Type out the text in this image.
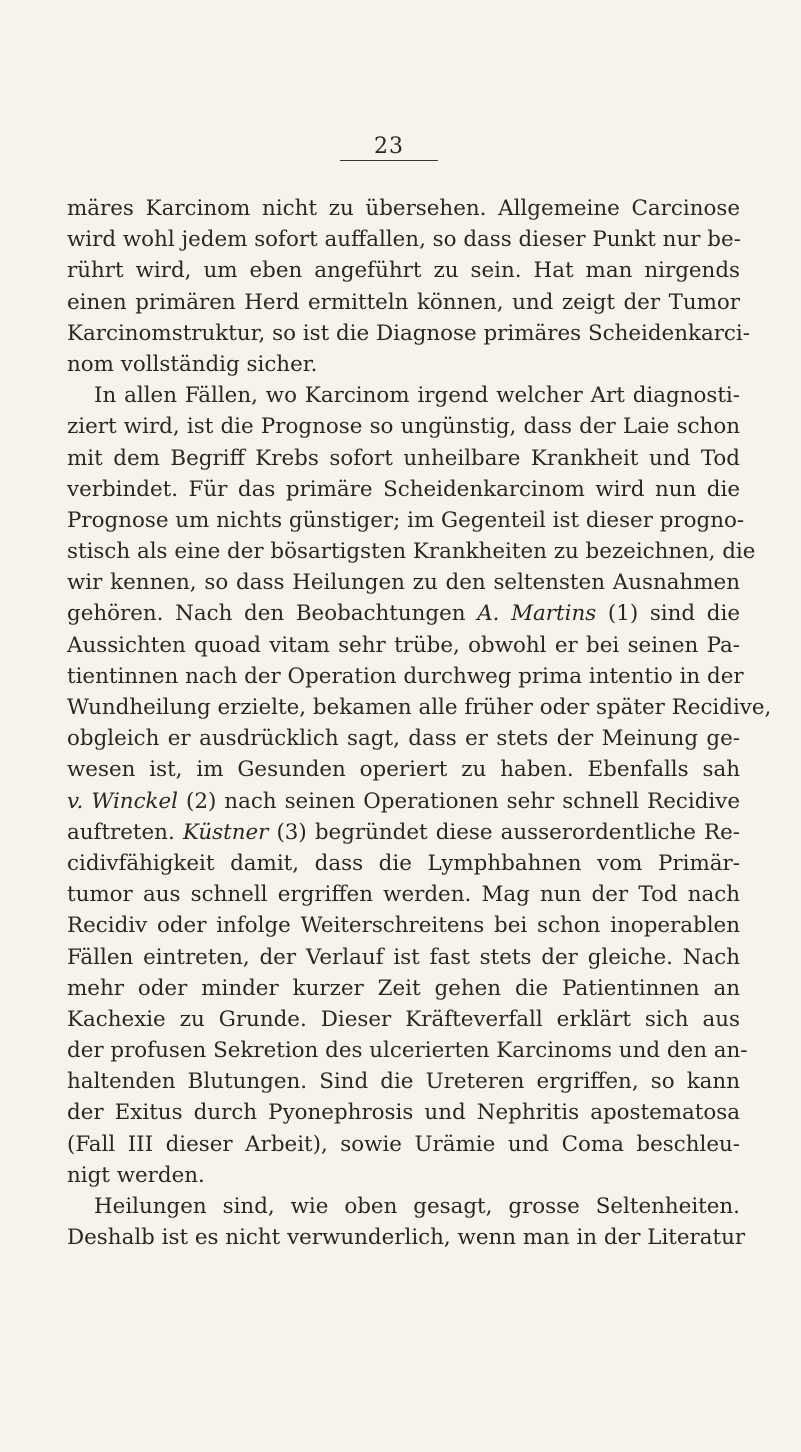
23
märes Karcinom nicht zu übersehen. Allgemeine Carcinose
wird wohl jedem sofort auffallen, so dass dieser Punkt nur be-
rührt wird, um eben angeführt zu sein. Hat man nirgends
einen primären Herd ermitteln können, und zeigt der Tumor
Karcinomstruktur, so ist die Diagnose primäres Scheidenkarci-
nom vollständig sicher.
In allen Fällen, wo Karcinom irgend welcher Art diagnosti-
ziert wird, ist die Prognose so ungünstig, dass der Laie schon
mit dem Begriff Krebs sofort unheilbare Krankheit und Tod
verbindet. Für das primäre Scheidenkarcinom wird nun die
Prognose um nichts günstiger; im Gegenteil ist dieser progno-
stisch als eine der bösartigsten Krankheiten zu bezeichnen, die
wir kennen, so dass Heilungen zu den seltensten Ausnahmen
gehören. Nach den Beobachtungen A. Martins (1) sind die
Aussichten quoad vitam sehr trübe, obwohl er bei seinen Pa-
tientinnen nach der Operation durchweg prima intentio in der
Wundheilung erzielte, bekamen alle früher oder später Recidive,
obgleich er ausdrücklich sagt, dass er stets der Meinung ge-
wesen ist, im Gesunden operiert zu haben. Ebenfalls sah
v. Winckel (2) nach seinen Operationen sehr schnell Recidive
auftreten. Küstner (3) begründet diese ausserordentliche Re-
cidivfähigkeit damit, dass die Lymphbahnen vom Primär-
tumor aus schnell ergriffen werden. Mag nun der Tod nach
Recidiv oder infolge Weiterschreitens bei schon inoperablen
Fällen eintreten, der Verlauf ist fast stets der gleiche. Nach
mehr oder minder kurzer Zeit gehen die Patientinnen an
Kachexie zu Grunde. Dieser Kräfteverfall erklärt sich aus
der profusen Sekretion des ulcerierten Karcinoms und den an-
haltenden Blutungen. Sind die Ureteren ergriffen, so kann
der Exitus durch Pyonephrosis und Nephritis apostematosa
(Fall III dieser Arbeit), sowie Urämie und Coma beschleu-
nigt werden.
Heilungen sind, wie oben gesagt, grosse Seltenheiten.
Deshalb ist es nicht verwunderlich, wenn man in der Literatur
